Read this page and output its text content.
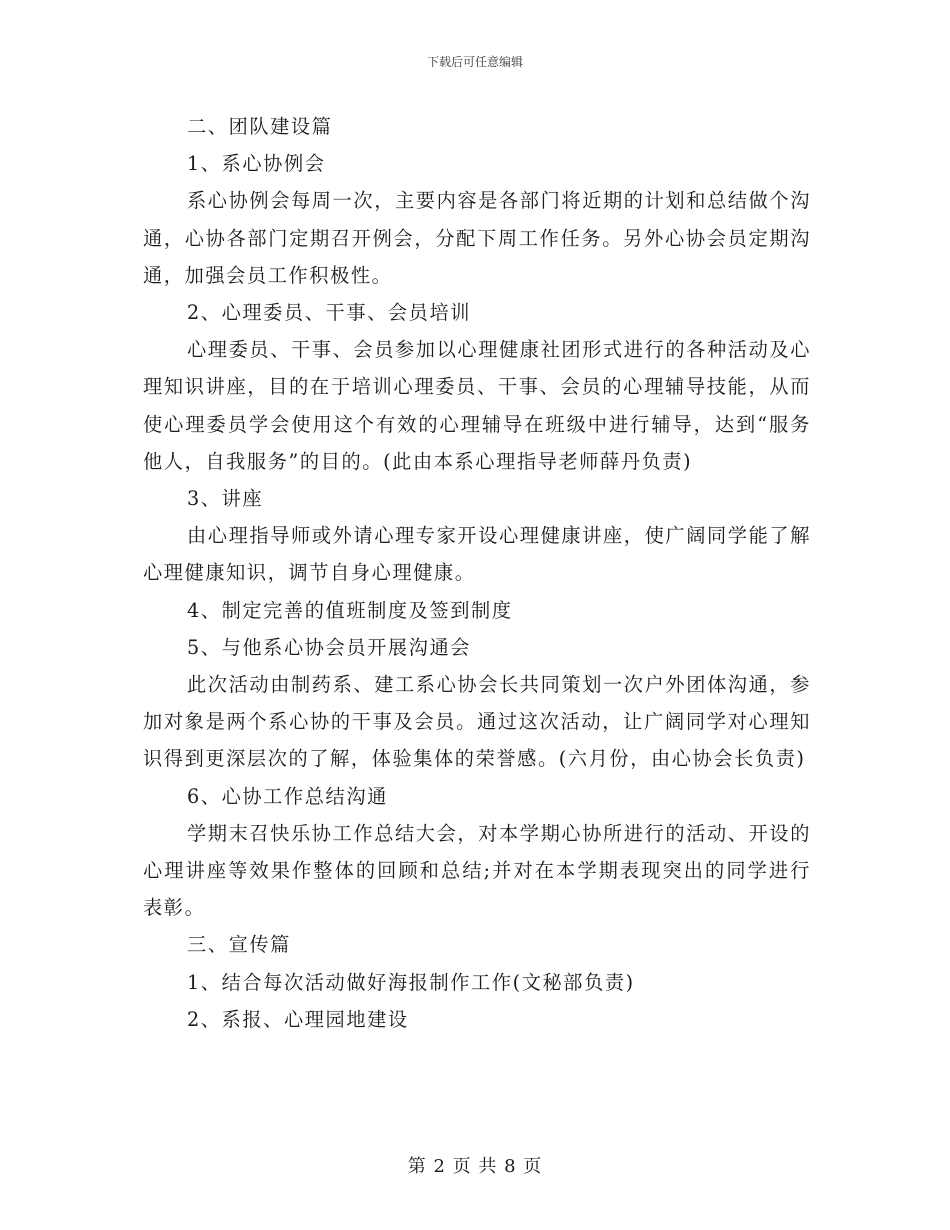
下载后可任意编辑

二、团队建设篇

1、系心协例会

系心协例会每周一次，主要内容是各部门将近期的计划和总结做个沟通，心协各部门定期召开例会，分配下周工作任务。另外心协会员定期沟通，加强会员工作积极性。

2、心理委员、干事、会员培训

心理委员、干事、会员参加以心理健康社团形式进行的各种活动及心理知识讲座，目的在于培训心理委员、干事、会员的心理辅导技能，从而使心理委员学会使用这个有效的心理辅导在班级中进行辅导，达到“服务他人，自我服务”的目的。(此由本系心理指导老师薛丹负责)

3、讲座

由心理指导师或外请心理专家开设心理健康讲座，使广阔同学能了解心理健康知识，调节自身心理健康。

4、制定完善的值班制度及签到制度

5、与他系心协会员开展沟通会

此次活动由制药系、建工系心协会长共同策划一次户外团体沟通，参加对象是两个系心协的干事及会员。通过这次活动，让广阔同学对心理知识得到更深层次的了解，体验集体的荣誉感。(六月份，由心协会长负责)

6、心协工作总结沟通

学期末召快乐协工作总结大会，对本学期心协所进行的活动、开设的心理讲座等效果作整体的回顾和总结;并对在本学期表现突出的同学进行表彰。

三、宣传篇

1、结合每次活动做好海报制作工作(文秘部负责)

2、系报、心理园地建设

第 2 页 共 8 页
